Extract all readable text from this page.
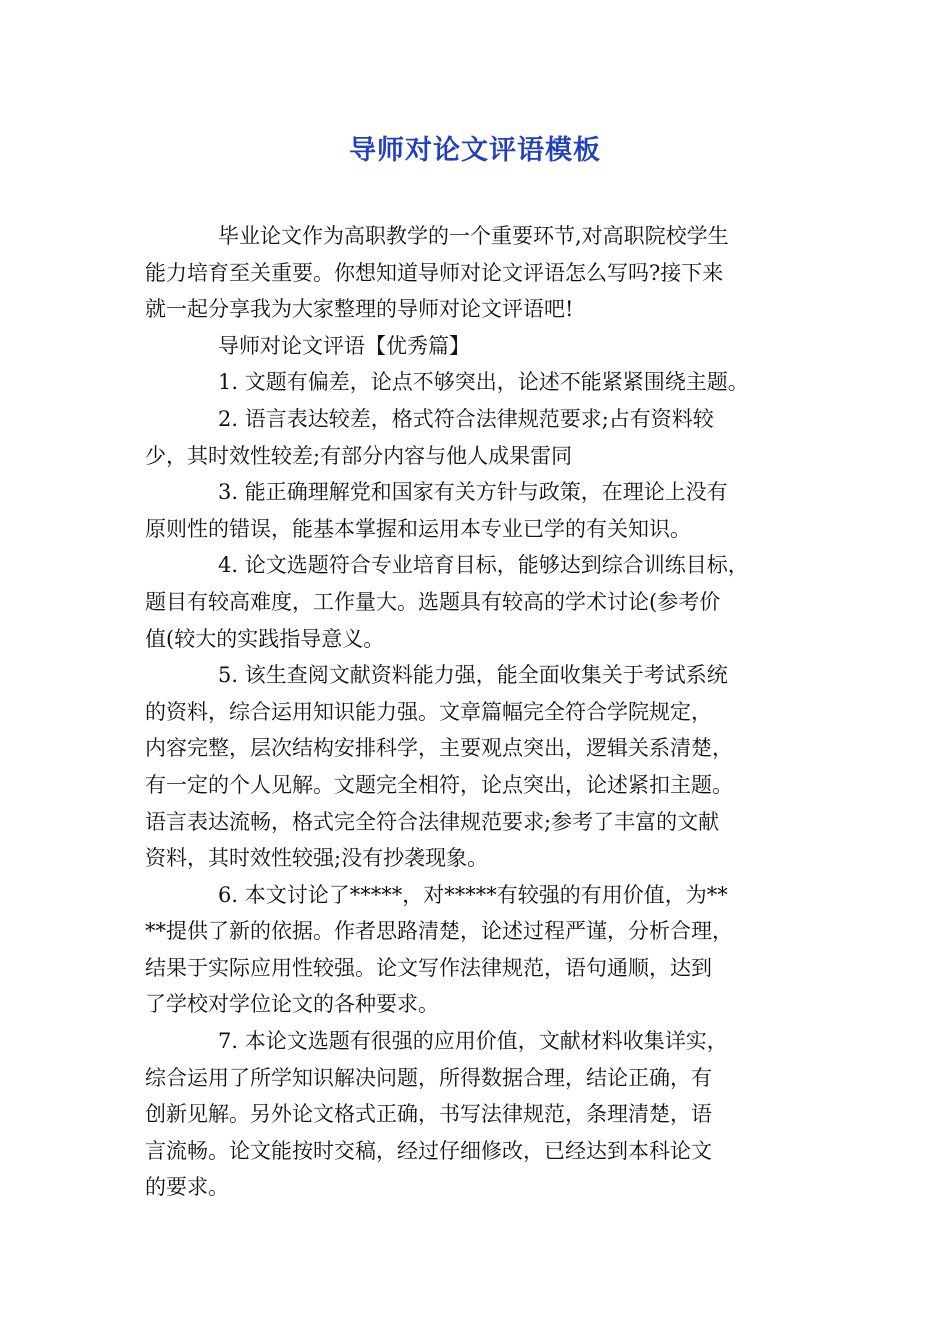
导师对论文评语模板
毕业论文作为高职教学的一个重要环节,对高职院校学生
能力培育至关重要。你想知道导师对论文评语怎么写吗?接下来
就一起分享我为大家整理的导师对论文评语吧!
导师对论文评语【优秀篇】
1. 文题有偏差，论点不够突出，论述不能紧紧围绕主题。
2. 语言表达较差，格式符合法律规范要求;占有资料较
少，其时效性较差;有部分内容与他人成果雷同
3. 能正确理解党和国家有关方针与政策，在理论上没有
原则性的错误，能基本掌握和运用本专业已学的有关知识。
4. 论文选题符合专业培育目标，能够达到综合训练目标，
题目有较高难度，工作量大。选题具有较高的学术讨论(参考价
值(较大的实践指导意义。
5. 该生查阅文献资料能力强，能全面收集关于考试系统
的资料，综合运用知识能力强。文章篇幅完全符合学院规定，
内容完整，层次结构安排科学，主要观点突出，逻辑关系清楚，
有一定的个人见解。文题完全相符，论点突出，论述紧扣主题。
语言表达流畅，格式完全符合法律规范要求;参考了丰富的文献
资料，其时效性较强;没有抄袭现象。
6. 本文讨论了*****，对*****有较强的有用价值，为**
**提供了新的依据。作者思路清楚，论述过程严谨，分析合理，
结果于实际应用性较强。论文写作法律规范，语句通顺，达到
了学校对学位论文的各种要求。
7. 本论文选题有很强的应用价值，文献材料收集详实，
综合运用了所学知识解决问题，所得数据合理，结论正确，有
创新见解。另外论文格式正确，书写法律规范，条理清楚，语
言流畅。论文能按时交稿，经过仔细修改，已经达到本科论文
的要求。
